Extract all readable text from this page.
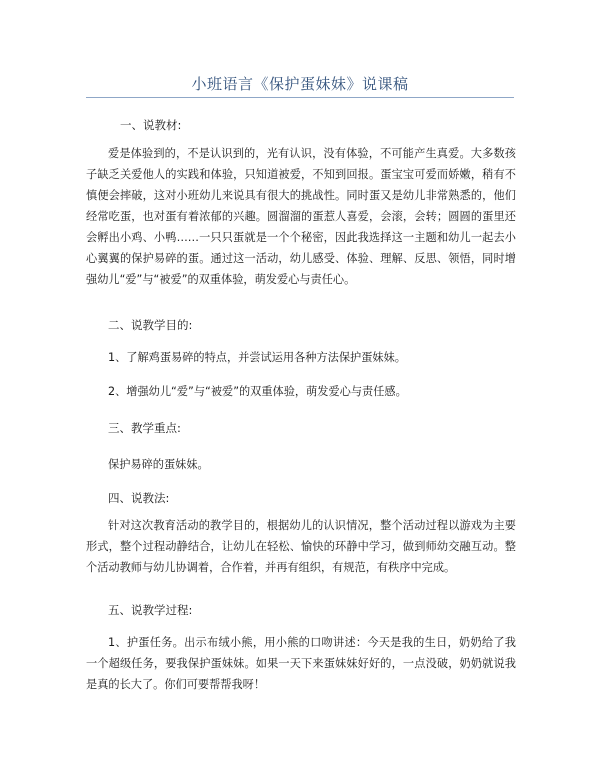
小班语言《保护蛋妹妹》说课稿
一、说教材:

爱是体验到的，不是认识到的，光有认识，没有体验，不可能产生真爱。大多数孩子缺乏关爱他人的实践和体验，只知道被爱，不知到回报。蛋宝宝可爱而娇嫩，稍有不慎便会摔破，这对小班幼儿来说具有很大的挑战性。同时蛋又是幼儿非常熟悉的，他们经常吃蛋，也对蛋有着浓郁的兴趣。圆溜溜的蛋惹人喜爱，会滚，会转；圆圆的蛋里还会孵出小鸡、小鸭……一只只蛋就是一个个秘密，因此我选择这一主题和幼儿一起去小心翼翼的保护易碎的蛋。通过这一活动，幼儿感受、体验、理解、反思、领悟，同时增强幼儿“爱”与“被爱”的双重体验，萌发爱心与责任心。

二、说教学目的:
1、了解鸡蛋易碎的特点，并尝试运用各种方法保护蛋妹妹。
2、增强幼儿“爱”与“被爱”的双重体验，萌发爱心与责任感。
三、教学重点:
保护易碎的蛋妹妹。
四、说教法:

针对这次教育活动的教学目的，根据幼儿的认识情况，整个活动过程以游戏为主要形式，整个过程动静结合，让幼儿在轻松、愉快的环静中学习，做到师幼交融互动。整个活动教师与幼儿协调着，合作着，并再有组织，有规范，有秩序中完成。

五、说教学过程:

1、护蛋任务。出示布绒小熊，用小熊的口吻讲述：今天是我的生日，奶奶给了我一个超级任务，要我保护蛋妹妹。如果一天下来蛋妹妹好好的，一点没破，奶奶就说我是真的长大了。你们可要帮帮我呀！
